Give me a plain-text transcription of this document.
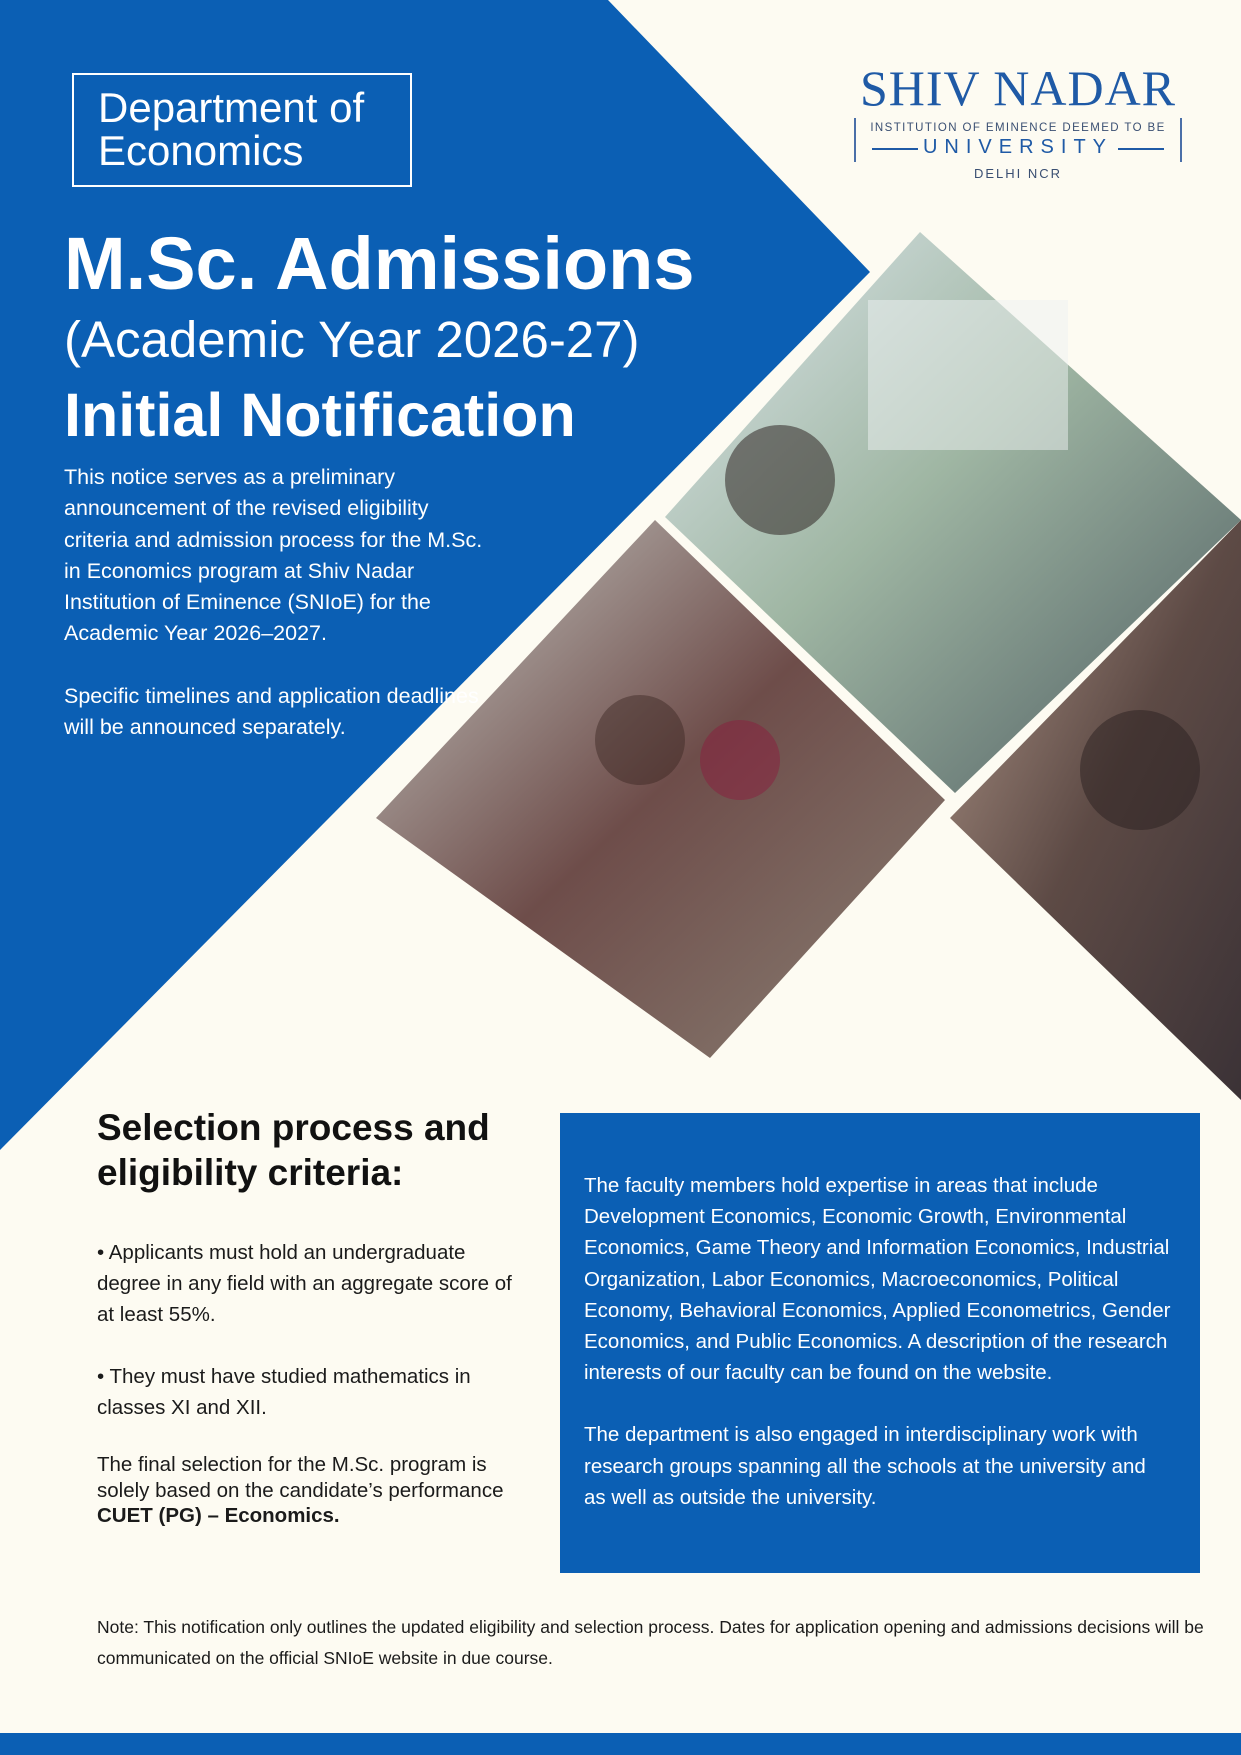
Department of
Economics
SHIV NADAR
INSTITUTION OF EMINENCE DEEMED TO BE
UNIVERSITY
DELHI NCR
M.Sc. Admissions
(Academic Year 2026-27)
Initial Notification

This notice serves as a preliminary announcement of the revised eligibility criteria and admission process for the M.Sc. in Economics program at Shiv Nadar Institution of Eminence (SNIoE) for the Academic Year 2026–2027.

Specific timelines and application deadlines will be announced separately.

Selection process and eligibility criteria:

• Applicants must hold an undergraduate degree in any field with an aggregate score of at least 55%.

• They must have studied mathematics in classes XI and XII.

The final selection for the M.Sc. program is solely based on the candidate’s performance CUET (PG) – Economics.

The faculty members hold expertise in areas that include Development Economics, Economic Growth, Environmental Economics, Game Theory and Information Economics, Industrial Organization, Labor Economics, Macroeconomics, Political Economy, Behavioral Economics, Applied Econometrics, Gender Economics, and Public Economics. A description of the research interests of our faculty can be found on the website.

The department is also engaged in interdisciplinary work with research groups spanning all the schools at the university and as well as outside the university.

Note: This notification only outlines the updated eligibility and selection process. Dates for application opening and admissions decisions will be communicated on the official SNIoE website in due course.
